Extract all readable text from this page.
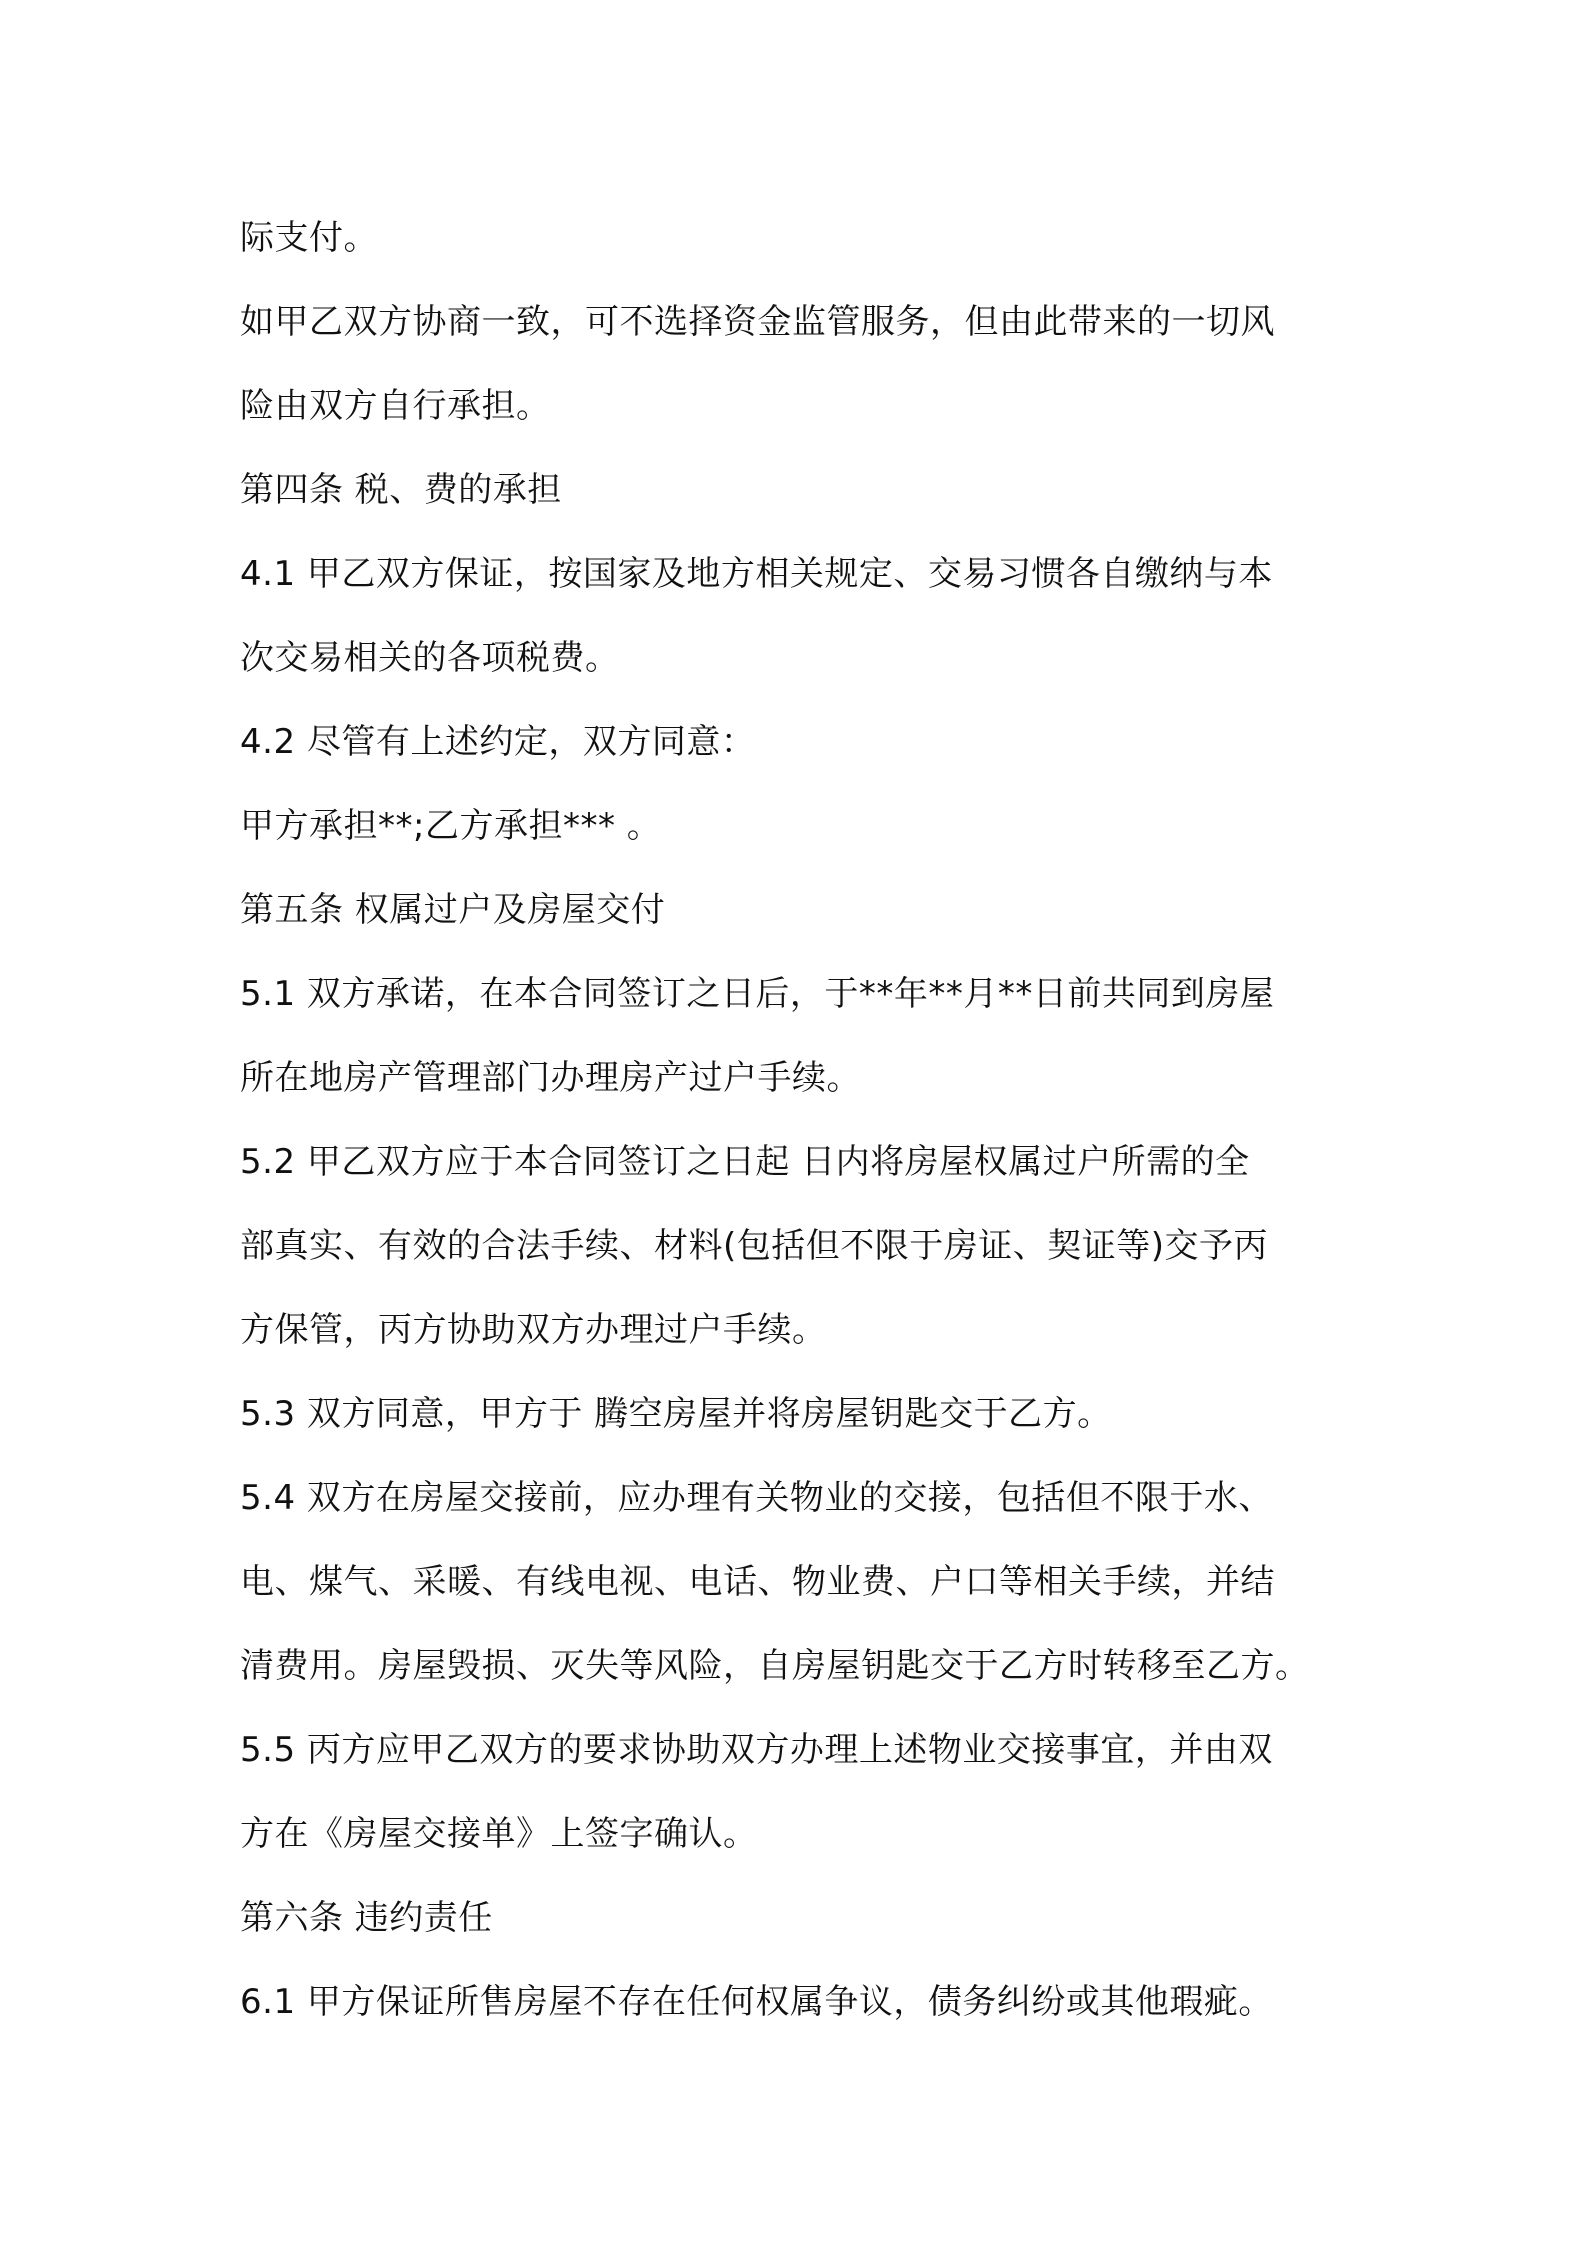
际支付。
如甲乙双方协商一致，可不选择资金监管服务，但由此带来的一切风
险由双方自行承担。
第四条 税、费的承担
4.1 甲乙双方保证，按国家及地方相关规定、交易习惯各自缴纳与本
次交易相关的各项税费。
4.2 尽管有上述约定，双方同意：
甲方承担**;乙方承担*** 。
第五条 权属过户及房屋交付
5.1 双方承诺，在本合同签订之日后，于**年**月**日前共同到房屋
所在地房产管理部门办理房产过户手续。
5.2 甲乙双方应于本合同签订之日起 日内将房屋权属过户所需的全
部真实、有效的合法手续、材料(包括但不限于房证、契证等)交予丙
方保管，丙方协助双方办理过户手续。
5.3 双方同意，甲方于 腾空房屋并将房屋钥匙交于乙方。
5.4 双方在房屋交接前，应办理有关物业的交接，包括但不限于水、
电、煤气、采暖、有线电视、电话、物业费、户口等相关手续，并结
清费用。房屋毁损、灭失等风险，自房屋钥匙交于乙方时转移至乙方。
5.5 丙方应甲乙双方的要求协助双方办理上述物业交接事宜，并由双
方在《房屋交接单》上签字确认。
第六条 违约责任
6.1 甲方保证所售房屋不存在任何权属争议，债务纠纷或其他瑕疵。
